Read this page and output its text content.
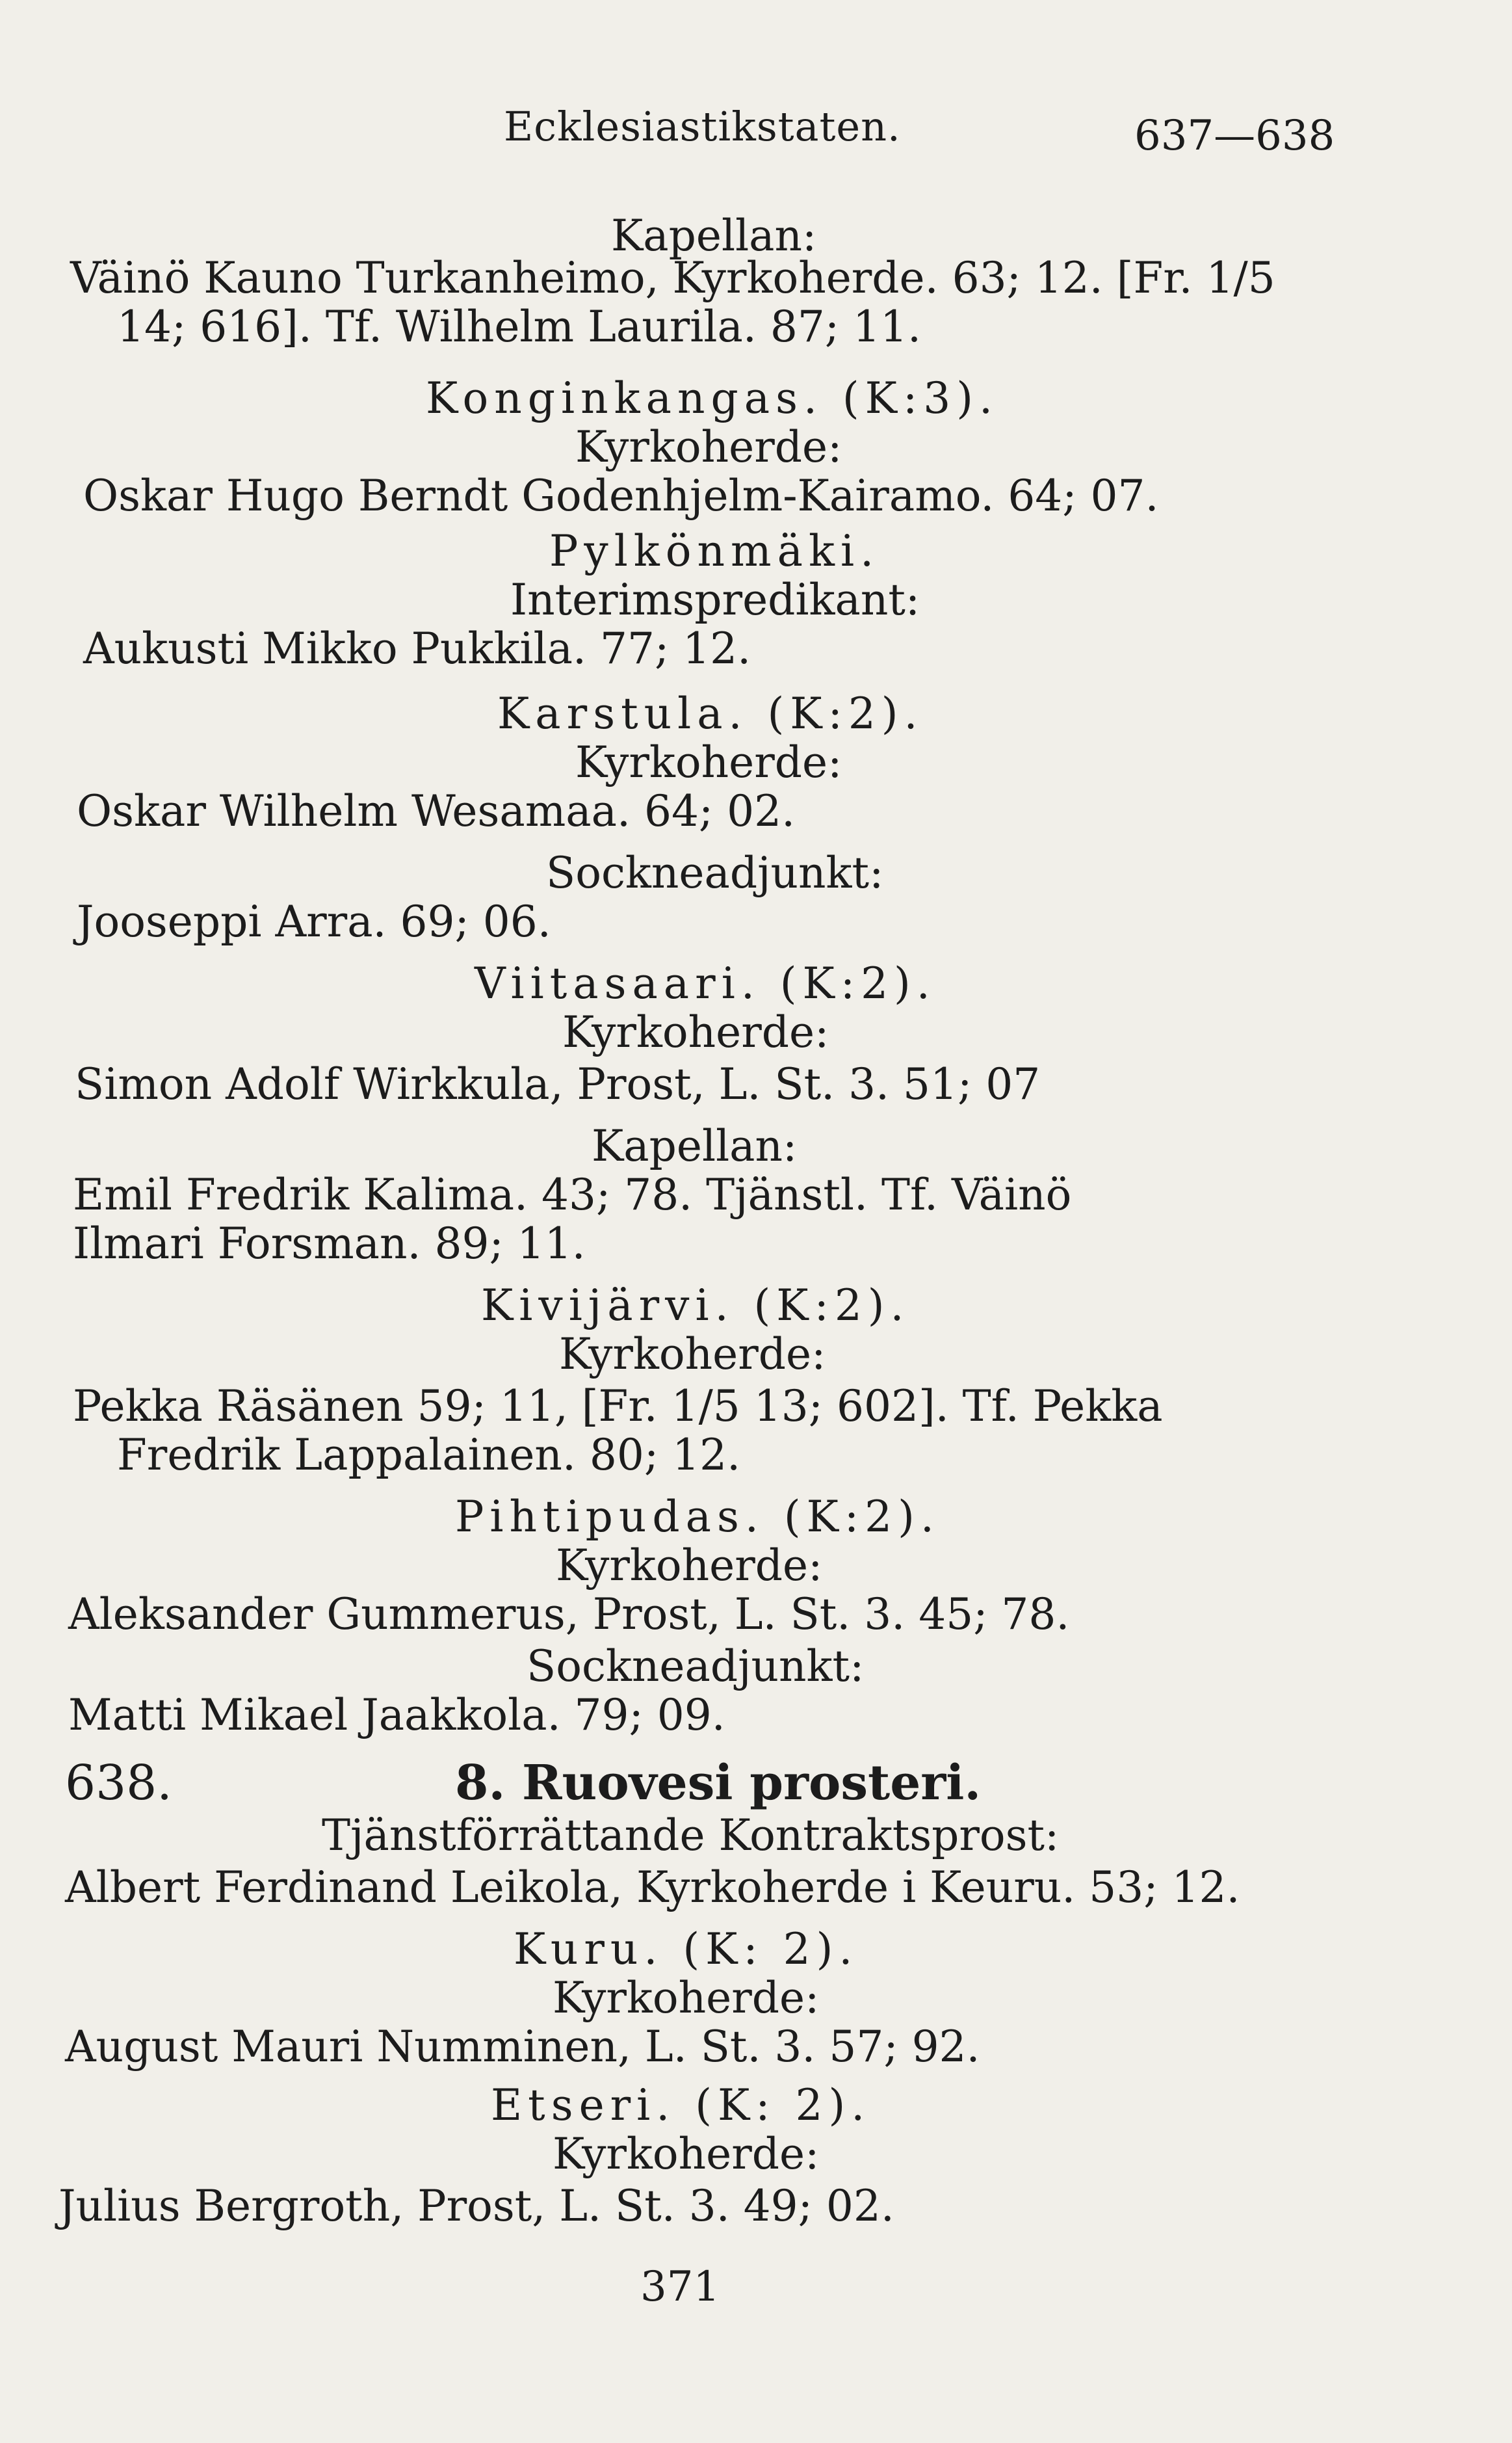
Ecklesiastikstaten.	637—638
Kapellan:
Väinö Kauno Turkanheimo, Kyrkoherde. 63; 12. [Fr. 1/5
14; 616]. Tf. Wilhelm Laurila. 87; 11.
Konginkangas. (K:3).
Kyrkoherde:
Oskar Hugo Berndt Godenhjelm-Kairamo. 64; 07.
Pylkönmäki.
Interimspredikant:
Aukusti Mikko Pukkila. 77; 12.
Karstula. (K:2).
Kyrkoherde:
Oskar Wilhelm Wesamaa. 64; 02.
Sockneadjunkt:
Jooseppi Arra. 69; 06.
Viitasaari. (K:2).
Kyrkoherde:
Simon Adolf Wirkkula, Prost, L. St. 3. 51; 07
Kapellan:
Emil Fredrik Kalima. 43; 78. Tjänstl. Tf. Väinö
Ilmari Forsman. 89; 11.
Kivijärvi. (K:2).
Kyrkoherde:
Pekka Räsänen 59; 11, [Fr. 1/5 13; 602]. Tf. Pekka
Fredrik Lappalainen. 80; 12.
Pihtipudas. (K:2).
Kyrkoherde:
Aleksander Gummerus, Prost, L. St. 3. 45; 78.
Sockneadjunkt:
Matti Mikael Jaakkola. 79; 09.
638.	8. Ruovesi prosteri.
Tjänstförrättande Kontraktsprost:
Albert Ferdinand Leikola, Kyrkoherde i Keuru. 53; 12.
Kuru. (K: 2).
Kyrkoherde:
August Mauri Numminen, L. St. 3. 57; 92.
Etseri. (K: 2).
Kyrkoherde:
Julius Bergroth, Prost, L. St. 3. 49; 02.
371
